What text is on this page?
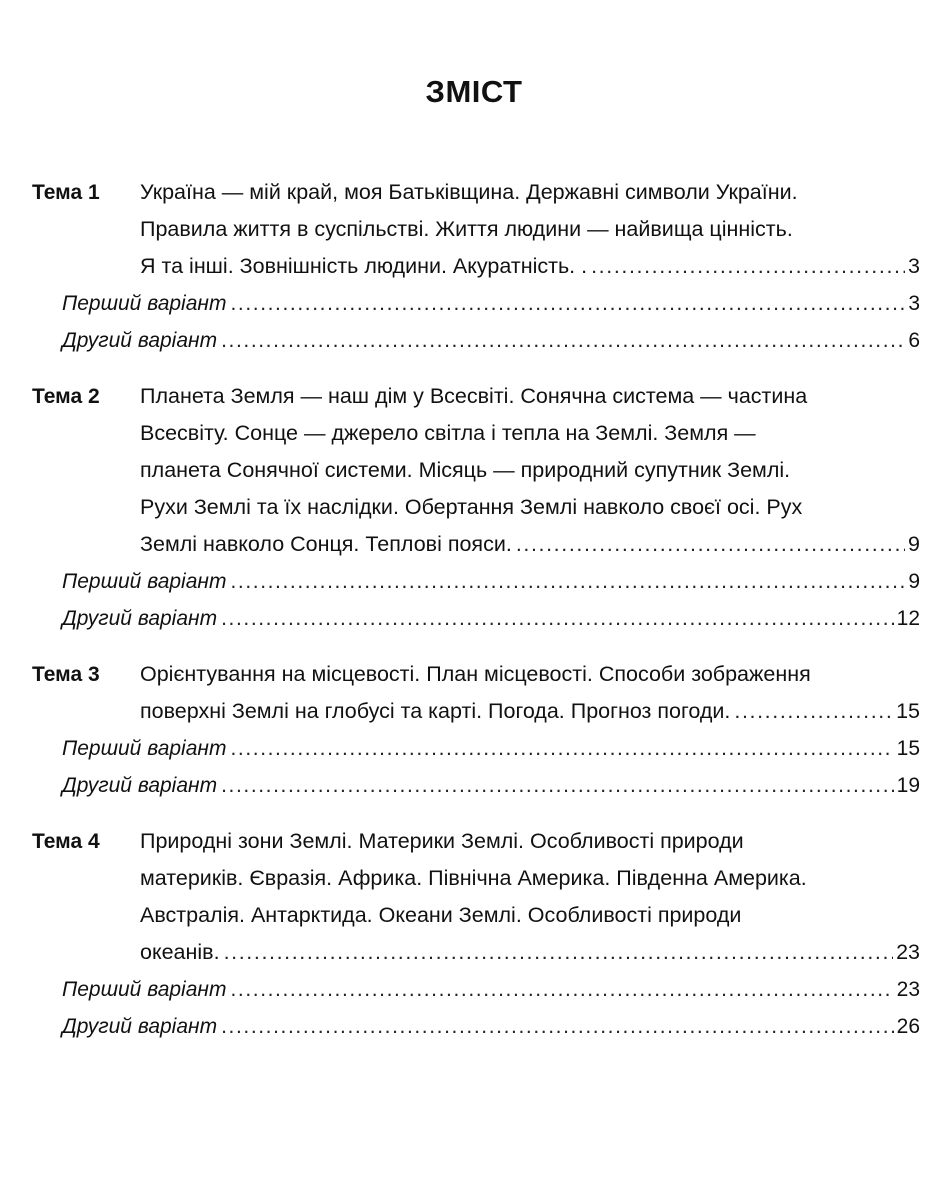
ЗМІСТ
Тема 1 Україна — мій край, моя Батьківщина. Державні символи України.
Правила життя в суспільстві. Життя людини — найвища цінність.
Я та інші. Зовнішність людини. Акуратність. . .....	3
Перший варіант .....	3
Другий варіант .....	6
Тема 2 Планета Земля — наш дім у Всесвіті. Сонячна система — частина
Всесвіту. Сонце — джерело світла і тепла на Землі. Земля —
планета Сонячної системи. Місяць — природний супутник Землі.
Рухи Землі та їх наслідки. Обертання Землі навколо своєї осі. Рух
Землі навколо Сонця. Теплові пояси. .....	9
Перший варіант .....	9
Другий варіант .....	12
Тема 3 Орієнтування на місцевості. План місцевості. Способи зображення
поверхні Землі на глобусі та карті. Погода. Прогноз погоди. .....	15
Перший варіант .....	15
Другий варіант .....	19
Тема 4 Природні зони Землі. Материки Землі. Особливості природи
материків. Євразія. Африка. Північна Америка. Південна Америка.
Австралія. Антарктида. Океани Землі. Особливості природи
океанів. .....	23
Перший варіант .....	23
Другий варіант .....	26
